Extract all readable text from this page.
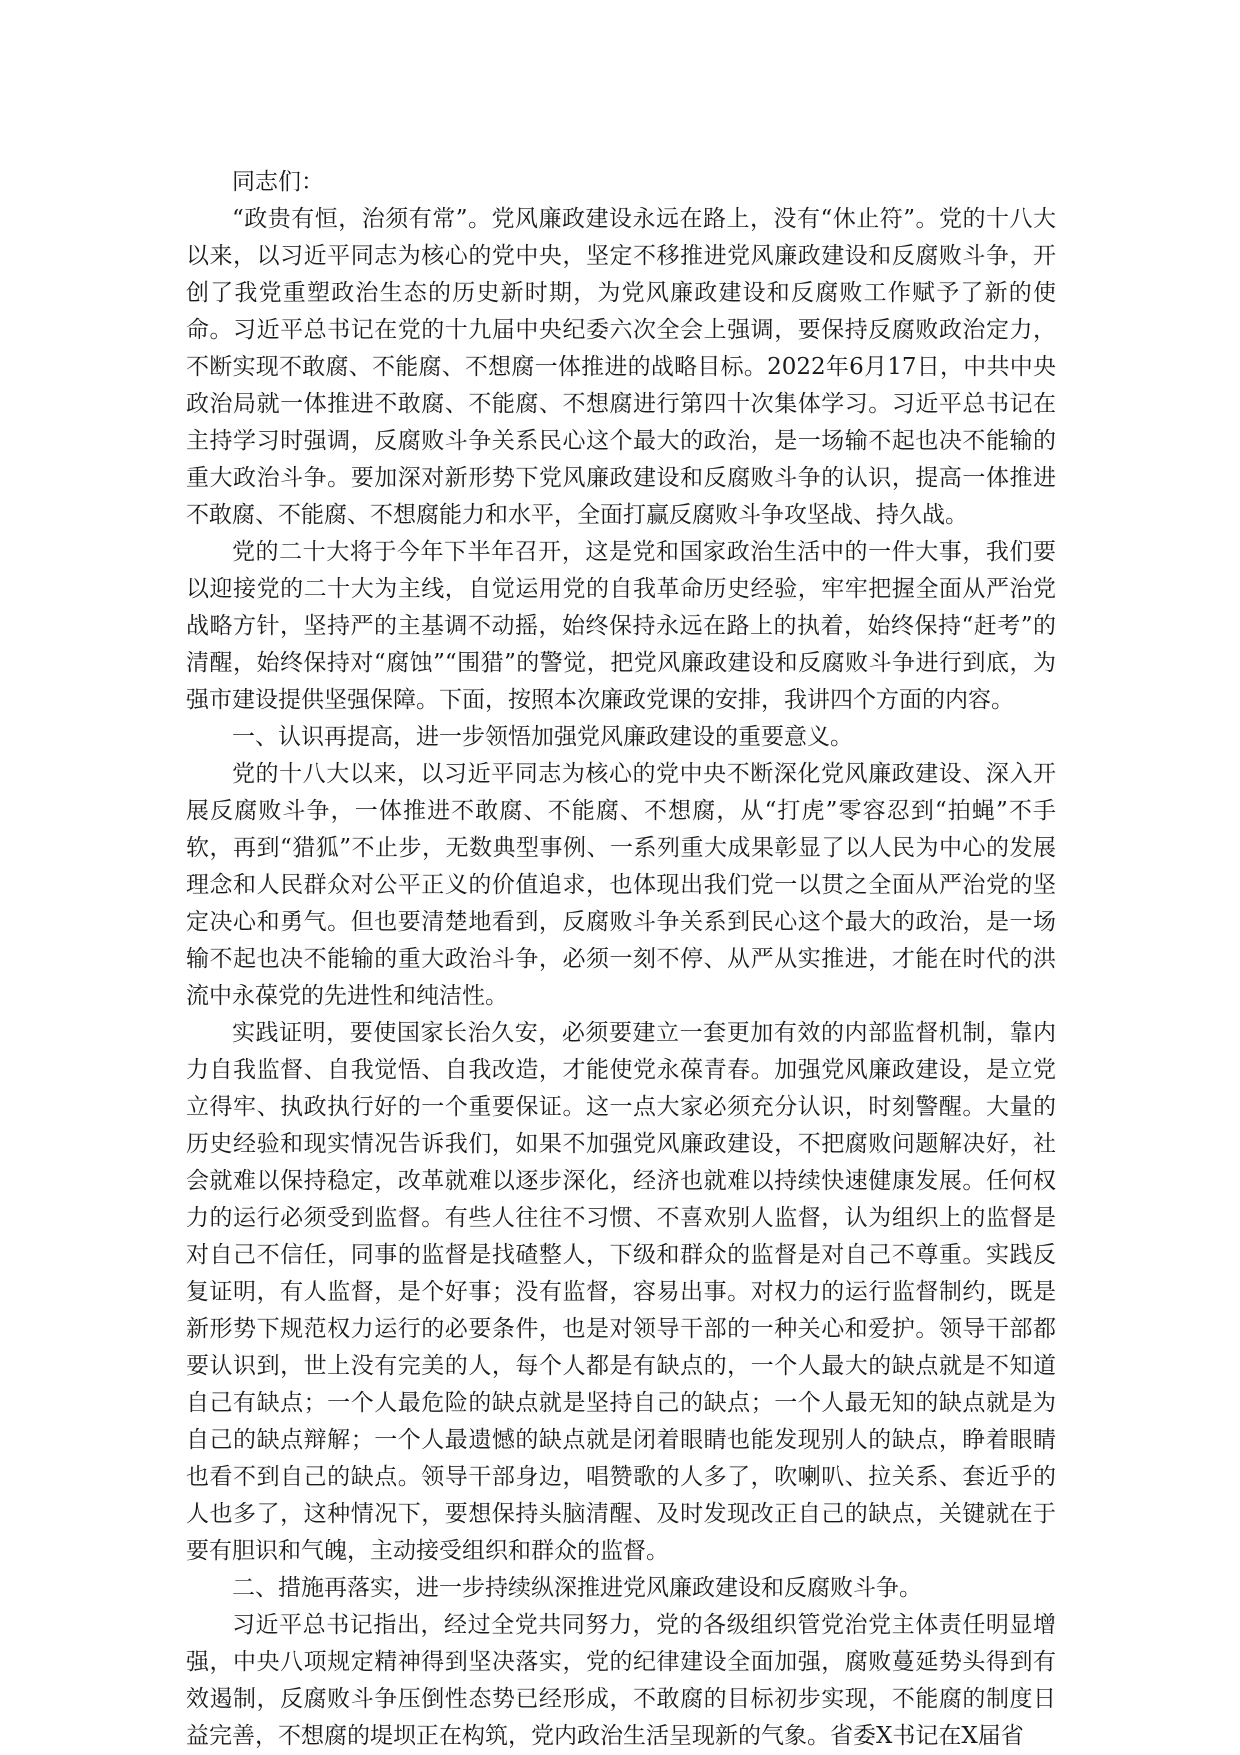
同志们：

“政贵有恒，治须有常”。党风廉政建设永远在路上，没有“休止符”。党的十八大以来，以习近平同志为核心的党中央，坚定不移推进党风廉政建设和反腐败斗争，开创了我党重塑政治生态的历史新时期，为党风廉政建设和反腐败工作赋予了新的使命。习近平总书记在党的十九届中央纪委六次全会上强调，要保持反腐败政治定力，不断实现不敢腐、不能腐、不想腐一体推进的战略目标。2022年6月17日，中共中央政治局就一体推进不敢腐、不能腐、不想腐进行第四十次集体学习。习近平总书记在主持学习时强调，反腐败斗争关系民心这个最大的政治，是一场输不起也决不能输的重大政治斗争。要加深对新形势下党风廉政建设和反腐败斗争的认识，提高一体推进不敢腐、不能腐、不想腐能力和水平，全面打赢反腐败斗争攻坚战、持久战。

党的二十大将于今年下半年召开，这是党和国家政治生活中的一件大事，我们要以迎接党的二十大为主线，自觉运用党的自我革命历史经验，牢牢把握全面从严治党战略方针，坚持严的主基调不动摇，始终保持永远在路上的执着，始终保持“赶考”的清醒，始终保持对“腐蚀”“围猎”的警觉，把党风廉政建设和反腐败斗争进行到底，为强市建设提供坚强保障。下面，按照本次廉政党课的安排，我讲四个方面的内容。

一、认识再提高，进一步领悟加强党风廉政建设的重要意义。

党的十八大以来，以习近平同志为核心的党中央不断深化党风廉政建设、深入开展反腐败斗争，一体推进不敢腐、不能腐、不想腐，从“打虎”零容忍到“拍蝇”不手软，再到“猎狐”不止步，无数典型事例、一系列重大成果彰显了以人民为中心的发展理念和人民群众对公平正义的价值追求，也体现出我们党一以贯之全面从严治党的坚定决心和勇气。但也要清楚地看到，反腐败斗争关系到民心这个最大的政治，是一场输不起也决不能输的重大政治斗争，必须一刻不停、从严从实推进，才能在时代的洪流中永葆党的先进性和纯洁性。

实践证明，要使国家长治久安，必须要建立一套更加有效的内部监督机制，靠内力自我监督、自我觉悟、自我改造，才能使党永葆青春。加强党风廉政建设，是立党立得牢、执政执行好的一个重要保证。这一点大家必须充分认识，时刻警醒。大量的历史经验和现实情况告诉我们，如果不加强党风廉政建设，不把腐败问题解决好，社会就难以保持稳定，改革就难以逐步深化，经济也就难以持续快速健康发展。任何权力的运行必须受到监督。有些人往往不习惯、不喜欢别人监督，认为组织上的监督是对自己不信任，同事的监督是找碴整人，下级和群众的监督是对自己不尊重。实践反复证明，有人监督，是个好事；没有监督，容易出事。对权力的运行监督制约，既是新形势下规范权力运行的必要条件，也是对领导干部的一种关心和爱护。领导干部都要认识到，世上没有完美的人，每个人都是有缺点的，一个人最大的缺点就是不知道自己有缺点；一个人最危险的缺点就是坚持自己的缺点；一个人最无知的缺点就是为自己的缺点辩解；一个人最遗憾的缺点就是闭着眼睛也能发现别人的缺点，睁着眼睛也看不到自己的缺点。领导干部身边，唱赞歌的人多了，吹喇叭、拉关系、套近乎的人也多了，这种情况下，要想保持头脑清醒、及时发现改正自己的缺点，关键就在于要有胆识和气魄，主动接受组织和群众的监督。

二、措施再落实，进一步持续纵深推进党风廉政建设和反腐败斗争。

习近平总书记指出，经过全党共同努力，党的各级组织管党治党主体责任明显增强，中央八项规定精神得到坚决落实，党的纪律建设全面加强，腐败蔓延势头得到有效遏制，反腐败斗争压倒性态势已经形成，不敢腐的目标初步实现，不能腐的制度日益完善，不想腐的堤坝正在构筑，党内政治生活呈现新的气象。省委X书记在X届省
